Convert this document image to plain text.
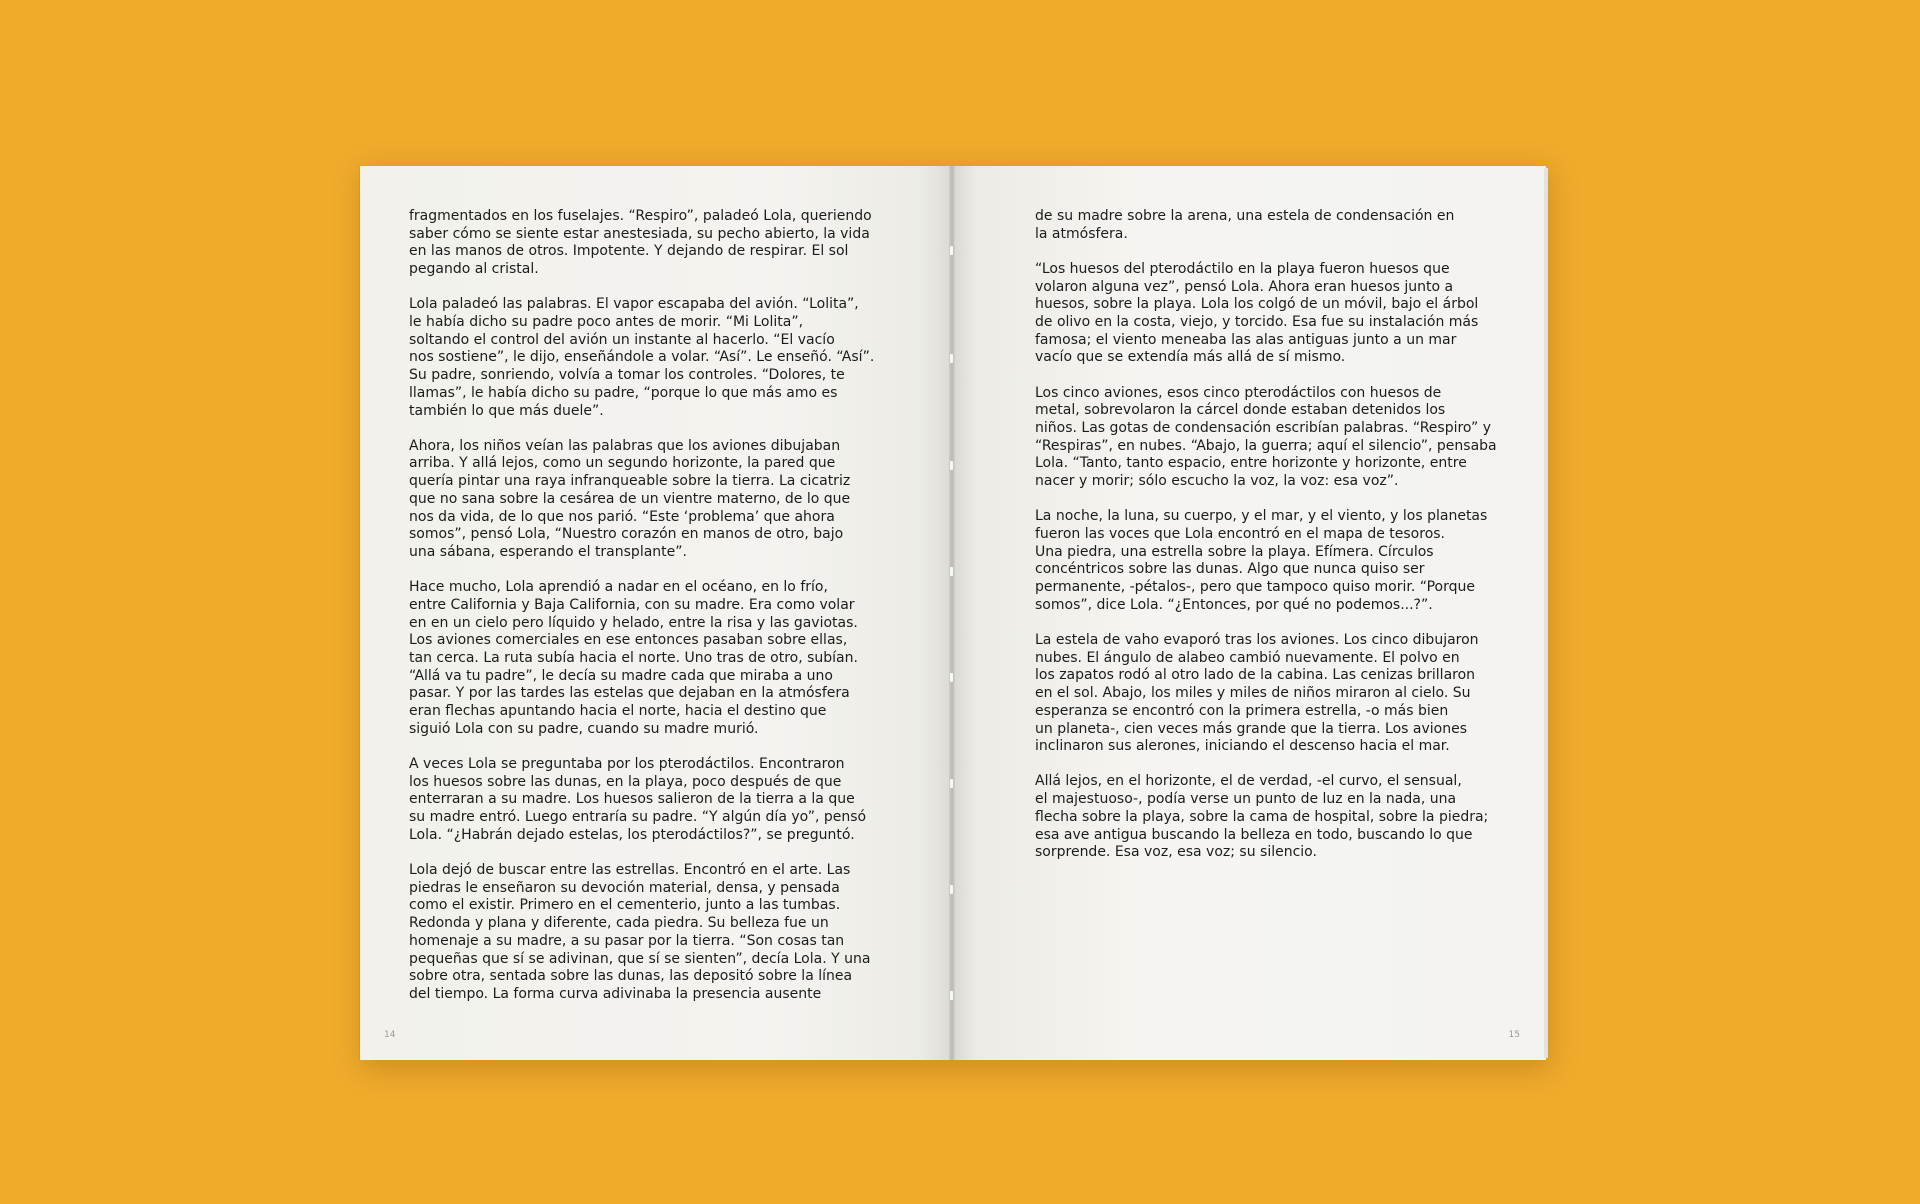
fragmentados en los fuselajes. “Respiro”, paladeó Lola, queriendo
saber cómo se siente estar anestesiada, su pecho abierto, la vida
en las manos de otros. Impotente. Y dejando de respirar. El sol
pegando al cristal.

Lola paladeó las palabras. El vapor escapaba del avión. “Lolita”,
le había dicho su padre poco antes de morir. “Mi Lolita”,
soltando el control del avión un instante al hacerlo. “El vacío
nos sostiene”, le dijo, enseñándole a volar. “Así”. Le enseñó. “Así”.
Su padre, sonriendo, volvía a tomar los controles. “Dolores, te
llamas”, le había dicho su padre, “porque lo que más amo es
también lo que más duele”.

Ahora, los niños veían las palabras que los aviones dibujaban
arriba. Y allá lejos, como un segundo horizonte, la pared que
quería pintar una raya infranqueable sobre la tierra. La cicatriz
que no sana sobre la cesárea de un vientre materno, de lo que
nos da vida, de lo que nos parió. “Este ‘problema’ que ahora
somos”, pensó Lola, “Nuestro corazón en manos de otro, bajo
una sábana, esperando el transplante”.

Hace mucho, Lola aprendió a nadar en el océano, en lo frío,
entre California y Baja California, con su madre. Era como volar
en en un cielo pero líquido y helado, entre la risa y las gaviotas.
Los aviones comerciales en ese entonces pasaban sobre ellas,
tan cerca. La ruta subía hacia el norte. Uno tras de otro, subían.
“Allá va tu padre”, le decía su madre cada que miraba a uno
pasar. Y por las tardes las estelas que dejaban en la atmósfera
eran flechas apuntando hacia el norte, hacia el destino que
siguió Lola con su padre, cuando su madre murió.

A veces Lola se preguntaba por los pterodáctilos. Encontraron
los huesos sobre las dunas, en la playa, poco después de que
enterraran a su madre. Los huesos salieron de la tierra a la que
su madre entró. Luego entraría su padre. “Y algún día yo”, pensó
Lola. “¿Habrán dejado estelas, los pterodáctilos?”, se preguntó.

Lola dejó de buscar entre las estrellas. Encontró en el arte. Las
piedras le enseñaron su devoción material, densa, y pensada
como el existir. Primero en el cementerio, junto a las tumbas.
Redonda y plana y diferente, cada piedra. Su belleza fue un
homenaje a su madre, a su pasar por la tierra. “Son cosas tan
pequeñas que sí se adivinan, que sí se sienten”, decía Lola. Y una
sobre otra, sentada sobre las dunas, las depositó sobre la línea
del tiempo. La forma curva adivinaba la presencia ausente

14

de su madre sobre la arena, una estela de condensación en
la atmósfera.

“Los huesos del pterodáctilo en la playa fueron huesos que
volaron alguna vez”, pensó Lola. Ahora eran huesos junto a
huesos, sobre la playa. Lola los colgó de un móvil, bajo el árbol
de olivo en la costa, viejo, y torcido. Esa fue su instalación más
famosa; el viento meneaba las alas antiguas junto a un mar
vacío que se extendía más allá de sí mismo.

Los cinco aviones, esos cinco pterodáctilos con huesos de
metal, sobrevolaron la cárcel donde estaban detenidos los
niños. Las gotas de condensación escribían palabras. “Respiro” y
“Respiras”, en nubes. “Abajo, la guerra; aquí el silencio”, pensaba
Lola. “Tanto, tanto espacio, entre horizonte y horizonte, entre
nacer y morir; sólo escucho la voz, la voz: esa voz”.

La noche, la luna, su cuerpo, y el mar, y el viento, y los planetas
fueron las voces que Lola encontró en el mapa de tesoros.
Una piedra, una estrella sobre la playa. Efímera. Círculos
concéntricos sobre las dunas. Algo que nunca quiso ser
permanente, -pétalos-, pero que tampoco quiso morir. “Porque
somos”, dice Lola. “¿Entonces, por qué no podemos...?”.

La estela de vaho evaporó tras los aviones. Los cinco dibujaron
nubes. El ángulo de alabeo cambió nuevamente. El polvo en
los zapatos rodó al otro lado de la cabina. Las cenizas brillaron
en el sol. Abajo, los miles y miles de niños miraron al cielo. Su
esperanza se encontró con la primera estrella, -o más bien
un planeta-, cien veces más grande que la tierra. Los aviones
inclinaron sus alerones, iniciando el descenso hacia el mar.

Allá lejos, en el horizonte, el de verdad, -el curvo, el sensual,
el majestuoso-, podía verse un punto de luz en la nada, una
flecha sobre la playa, sobre la cama de hospital, sobre la piedra;
esa ave antigua buscando la belleza en todo, buscando lo que
sorprende. Esa voz, esa voz; su silencio.

15
